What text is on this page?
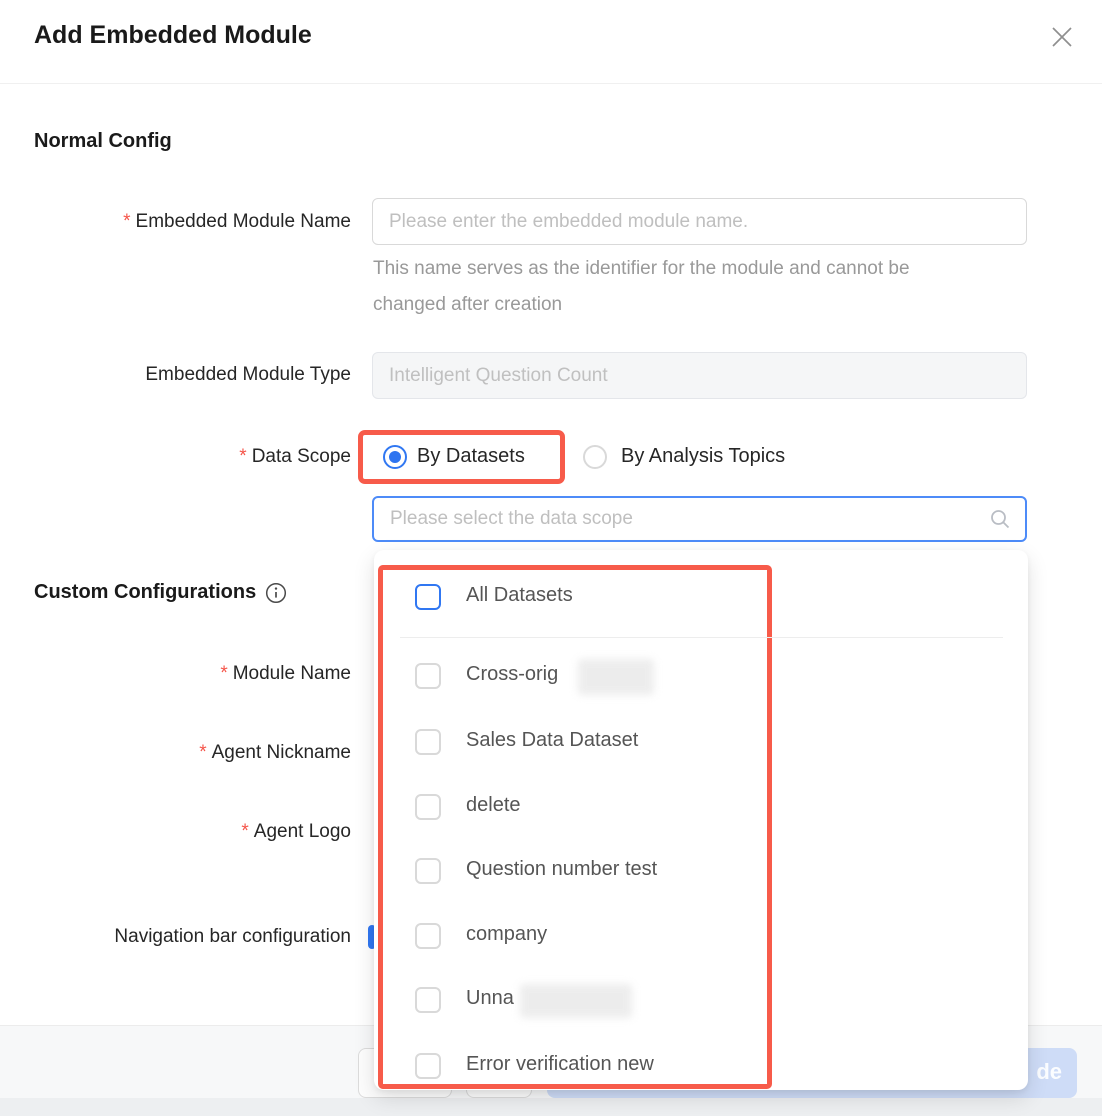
Add Embedded Module
Normal Config
* Embedded Module Name
Please enter the embedded module name.
This name serves as the identifier for the module and cannot be
changed after creation
Embedded Module Type
Intelligent Question Count
* Data Scope	By Datasets	By Analysis Topics
Please select the data scope
Custom Configurations
* Module Name
* Agent Nickname
* Agent Logo
Navigation bar configuration
de
All Datasets
Cross-orig
Sales Data Dataset
delete
Question number test
company
Unna
Error verification new
